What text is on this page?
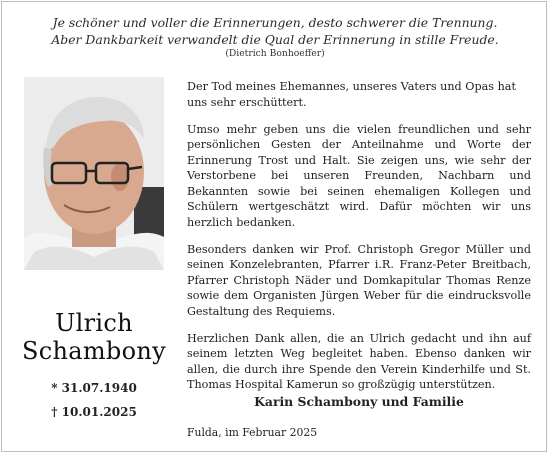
Je schöner und voller die Erinnerungen, desto schwerer die Trennung.
Aber Dankbarkeit verwandelt die Qual der Erinnerung in stille Freude.
(Dietrich Bonhoeffer)
Ulrich
Schambony
* 31.07.1940
† 10.01.2025

Der Tod meines Ehemannes, unseres Vaters und Opas hat uns sehr erschüttert.

Umso mehr geben uns die vielen freundlichen und sehr persönlichen Gesten der Anteilnahme und Worte der Erinnerung Trost und Halt. Sie zeigen uns, wie sehr der Verstorbene bei unseren Freunden, Nachbarn und Bekannten sowie bei seinen ehemaligen Kollegen und Schülern wertgeschätzt wird. Dafür möchten wir uns herzlich bedanken.

Besonders danken wir Prof. Christoph Gregor Müller und seinen Konzelebranten, Pfarrer i.R. Franz-Peter Breitbach, Pfarrer Christoph Näder und Domkapitular Thomas Renze sowie dem Organisten Jürgen Weber für die eindrucksvolle Gestaltung des Requiems.

Herzlichen Dank allen, die an Ulrich gedacht und ihn auf seinem letzten Weg begleitet haben. Ebenso danken wir allen, die durch ihre Spende den Verein Kinderhilfe und St. Thomas Hospital Kamerun so großzügig unterstützen.

Karin Schambony und Familie
Fulda, im Februar 2025
